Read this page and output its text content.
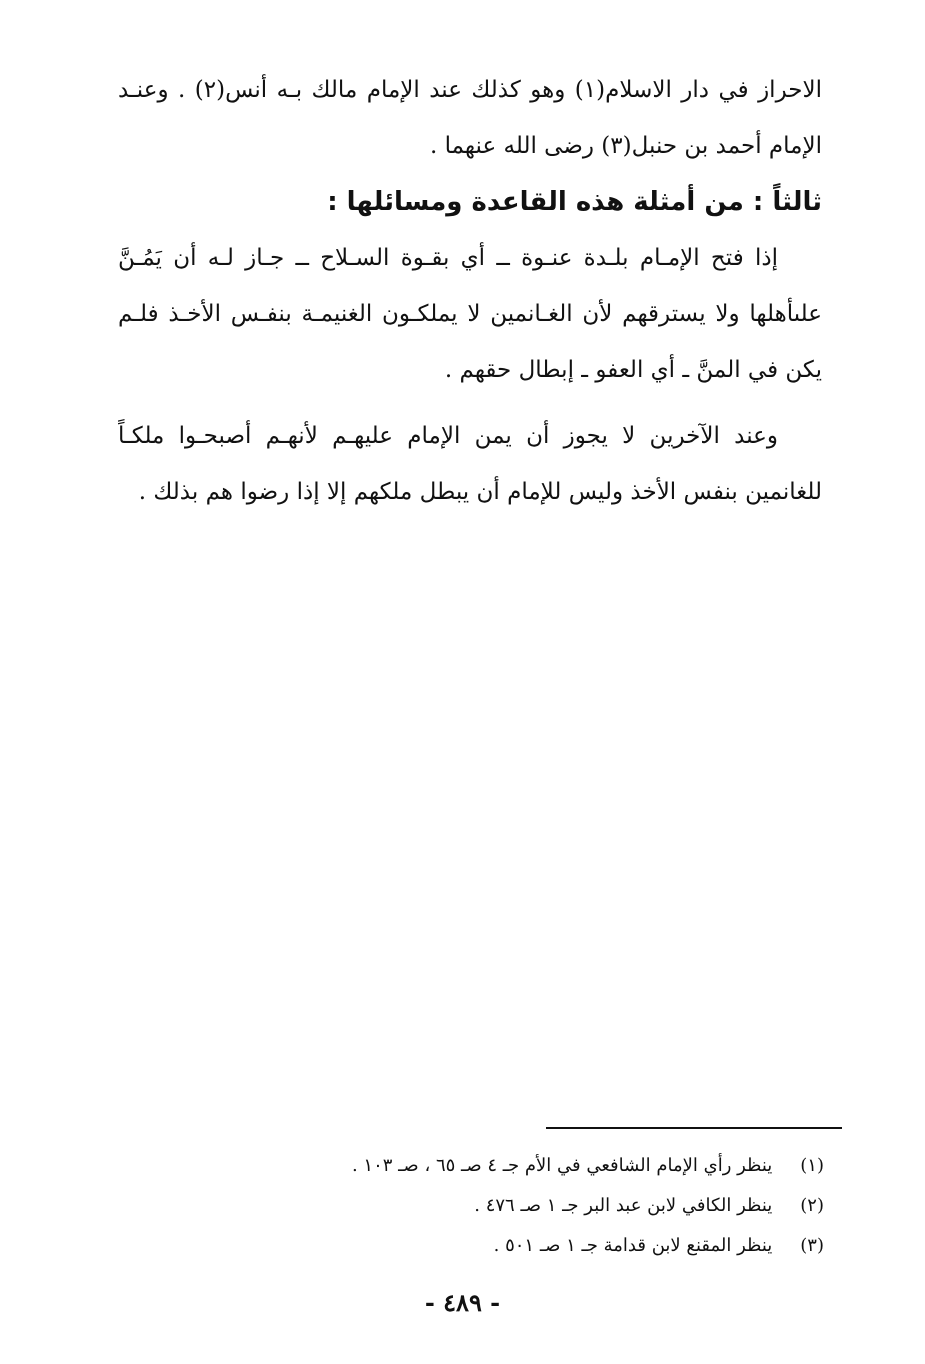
الاحراز في دار الاسلام(١) وهو كذلك عند الإمام مالك بـه أنس(٢) . وعنـد
الإمام أحمد بن حنبل(٣) رضى الله عنهما .
ثالثاً : من أمثلة هذه القاعدة ومسائلها :
إذا فتح الإمـام بلـدة عنـوة ــ أي بقـوة السـلاح ــ جـاز لـه أن يَمُـنَّ
علىأهلها ولا يسترقهم لأن الغـانمين لا يملكـون الغنيمـة بنفـس الأخـذ فلـم
يكن في المنَّ ـ أي العفو ـ إبطال حقهم .
وعند الآخرين لا يجوز أن يمن الإمام عليهـم لأنهـم أصبحـوا ملكـاً
للغانمين بنفس الأخذ وليس للإمام أن يبطل ملكهم إلا إذا رضوا هم بذلك .
(١) ينظر رأي الإمام الشافعي في الأم جـ ٤ صـ ٦٥ ، صـ ١٠٣ .
(٢) ينظر الكافي لابن عبد البر جـ ١ صـ ٤٧٦ .
(٣) ينظر المقنع لابن قدامة جـ ١ صـ ٥٠١ .
- ٤٨٩ -
